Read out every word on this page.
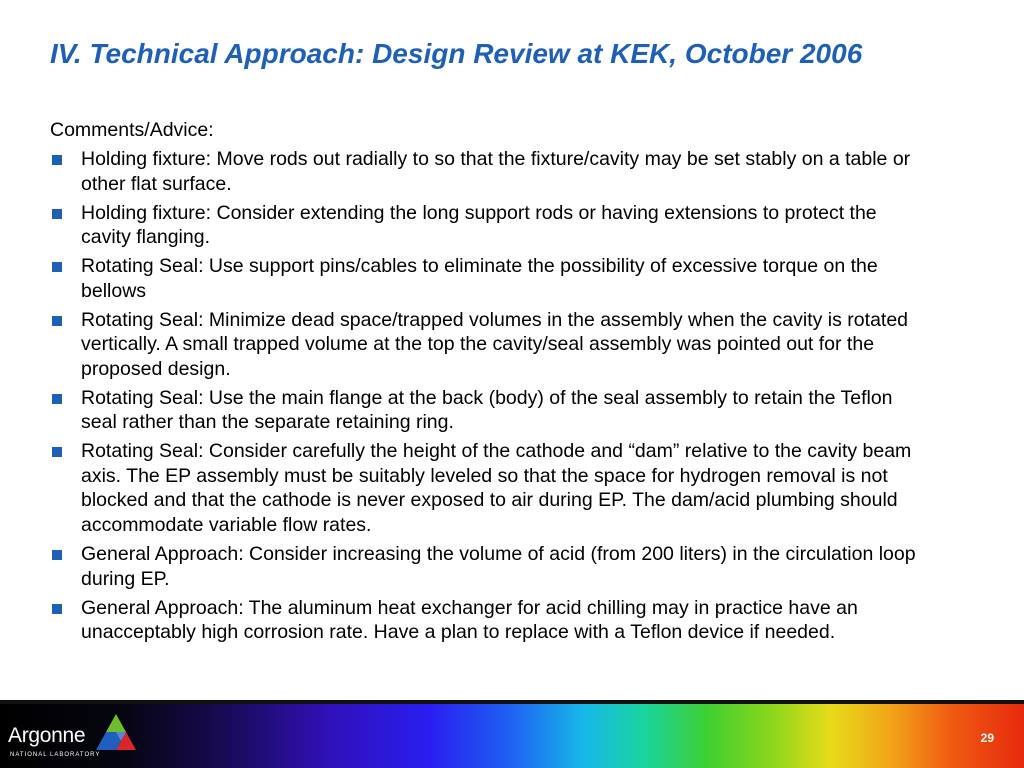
IV. Technical Approach: Design Review at KEK, October 2006

Comments/Advice:

Holding fixture: Move rods out radially to so that the fixture/cavity may be set stably on a table or other flat surface.
Holding fixture: Consider extending the long support rods or having extensions to protect the cavity flanging.
Rotating Seal: Use support pins/cables to eliminate the possibility of excessive torque on the bellows
Rotating Seal: Minimize dead space/trapped volumes in the assembly when the cavity is rotated vertically. A small trapped volume at the top the cavity/seal assembly was pointed out for the proposed design.
Rotating Seal: Use the main flange at the back (body) of the seal assembly to retain the Teflon seal rather than the separate retaining ring.
Rotating Seal: Consider carefully the height of the cathode and “dam” relative to the cavity beam axis. The EP assembly must be suitably leveled so that the space for hydrogen removal is not blocked and that the cathode is never exposed to air during EP. The dam/acid plumbing should accommodate variable flow rates.
General Approach: Consider increasing the volume of acid (from 200 liters) in the circulation loop during EP.
General Approach: The aluminum heat exchanger for acid chilling may in practice have an unacceptably high corrosion rate. Have a plan to replace with a Teflon device if needed.
Argonne
NATIONAL LABORATORY
29
